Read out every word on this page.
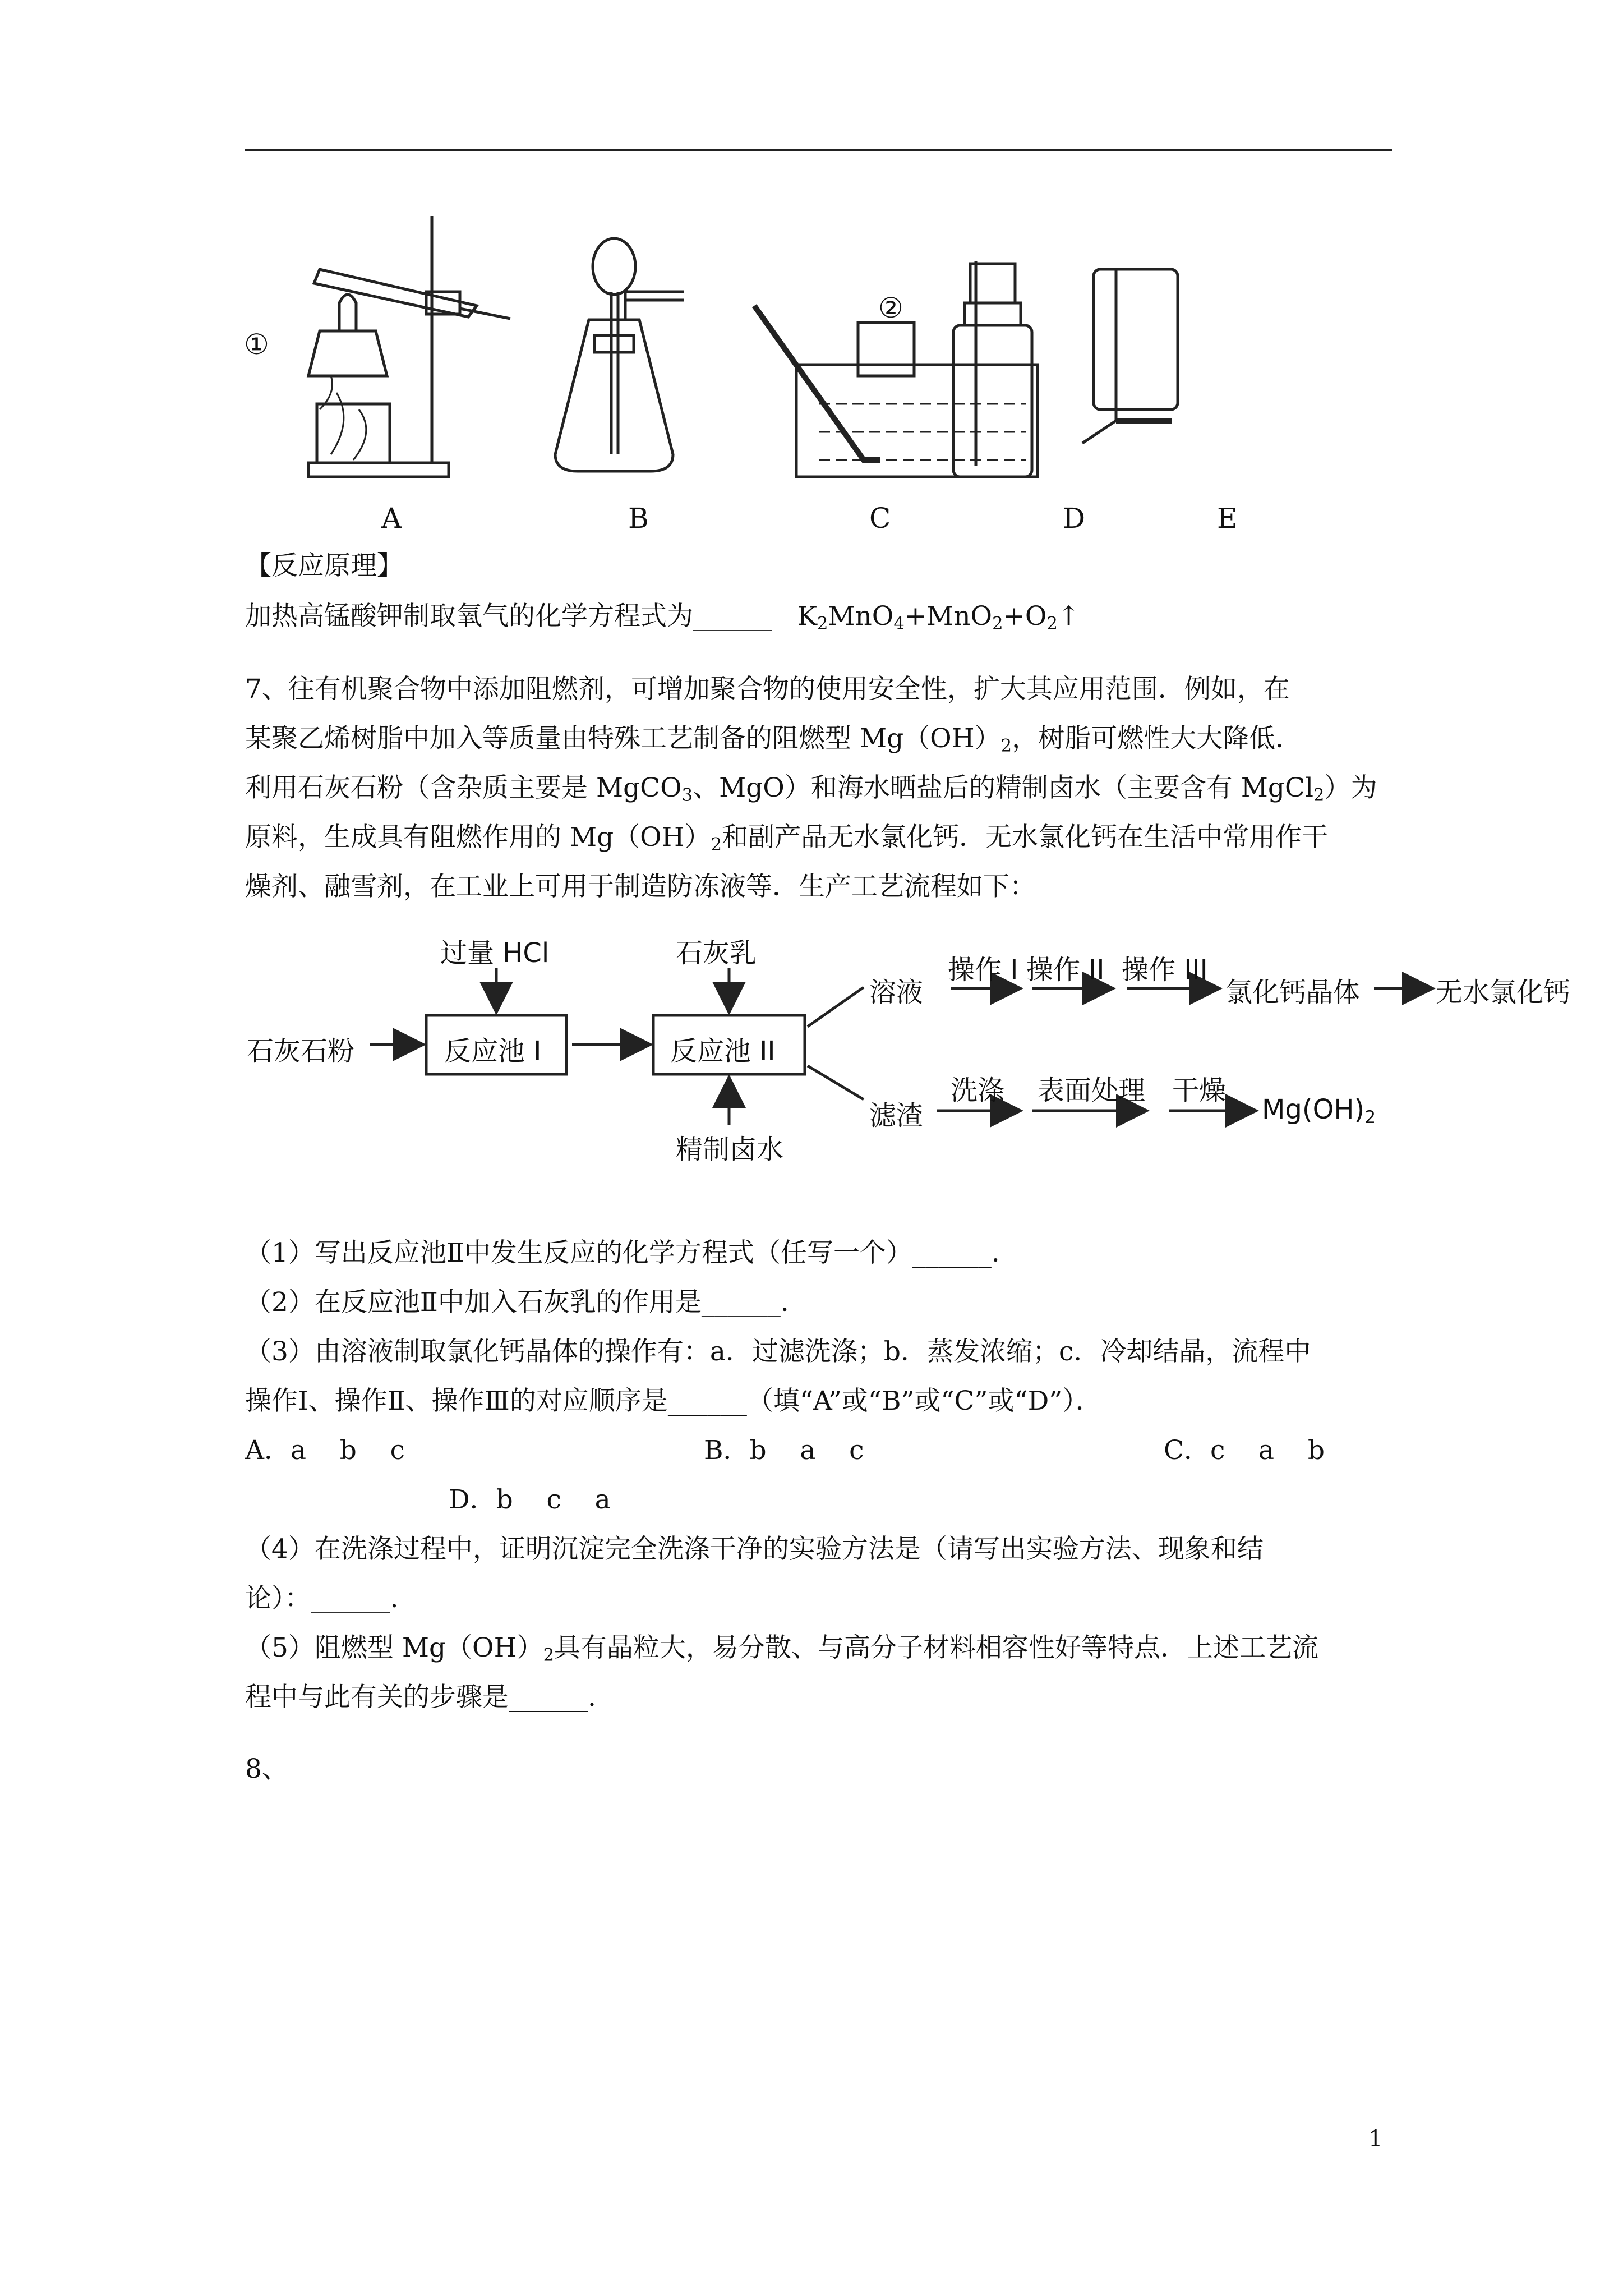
①
②
A	B	C	D	E
【反应原理】
加热高锰酸钾制取氧气的化学方程式为______ $K_2MnO_4+MnO_2+O_2↑$
7、往有机聚合物中添加阻燃剂，可增加聚合物的使用安全性，扩大其应用范围．例如，在
某聚乙烯树脂中加入等质量由特殊工艺制备的阻燃型 $Mg(OH)_2$，树脂可燃性大大降低．
利用石灰石粉（含杂质主要是 MgCO$_3$、MgO）和海水晒盐后的精制卤水（主要含有 MgCl$_2$）为
原料，生成具有阻燃作用的 $Mg(OH)_2$和副产品无水氯化钙．无水氯化钙在生活中常用作干
燥剂、融雪剂，在工业上可用于制造防冻液等．生产工艺流程如下：
石灰石粉	反应池 I	反应池 II
过量 HCl	石灰乳
精制卤水
溶液
滤渣
操作 I 操作 II 操作 III
氯化钙晶体	无水氯化钙
洗涤 表面处理 干燥
$Mg(OH)_2$
（1）写出反应池Ⅱ中发生反应的化学方程式（任写一个）______．
（2）在反应池Ⅱ中加入石灰乳的作用是______．
（3）由溶液制取氯化钙晶体的操作有：a．过滤洗涤；b．蒸发浓缩；c．冷却结晶，流程中
操作Ⅰ、操作Ⅱ、操作Ⅲ的对应顺序是______（填“A”或“B”或“C”或“D”）．
A．a    b    c	B．b    a    c	C．c    a    b
D．b    c    a
（4）在洗涤过程中，证明沉淀完全洗涤干净的实验方法是（请写出实验方法、现象和结
论）：______.
（5）阻燃型 $Mg(OH)_2$具有晶粒大，易分散、与高分子材料相容性好等特点．上述工艺流
程中与此有关的步骤是______.
8、
1
